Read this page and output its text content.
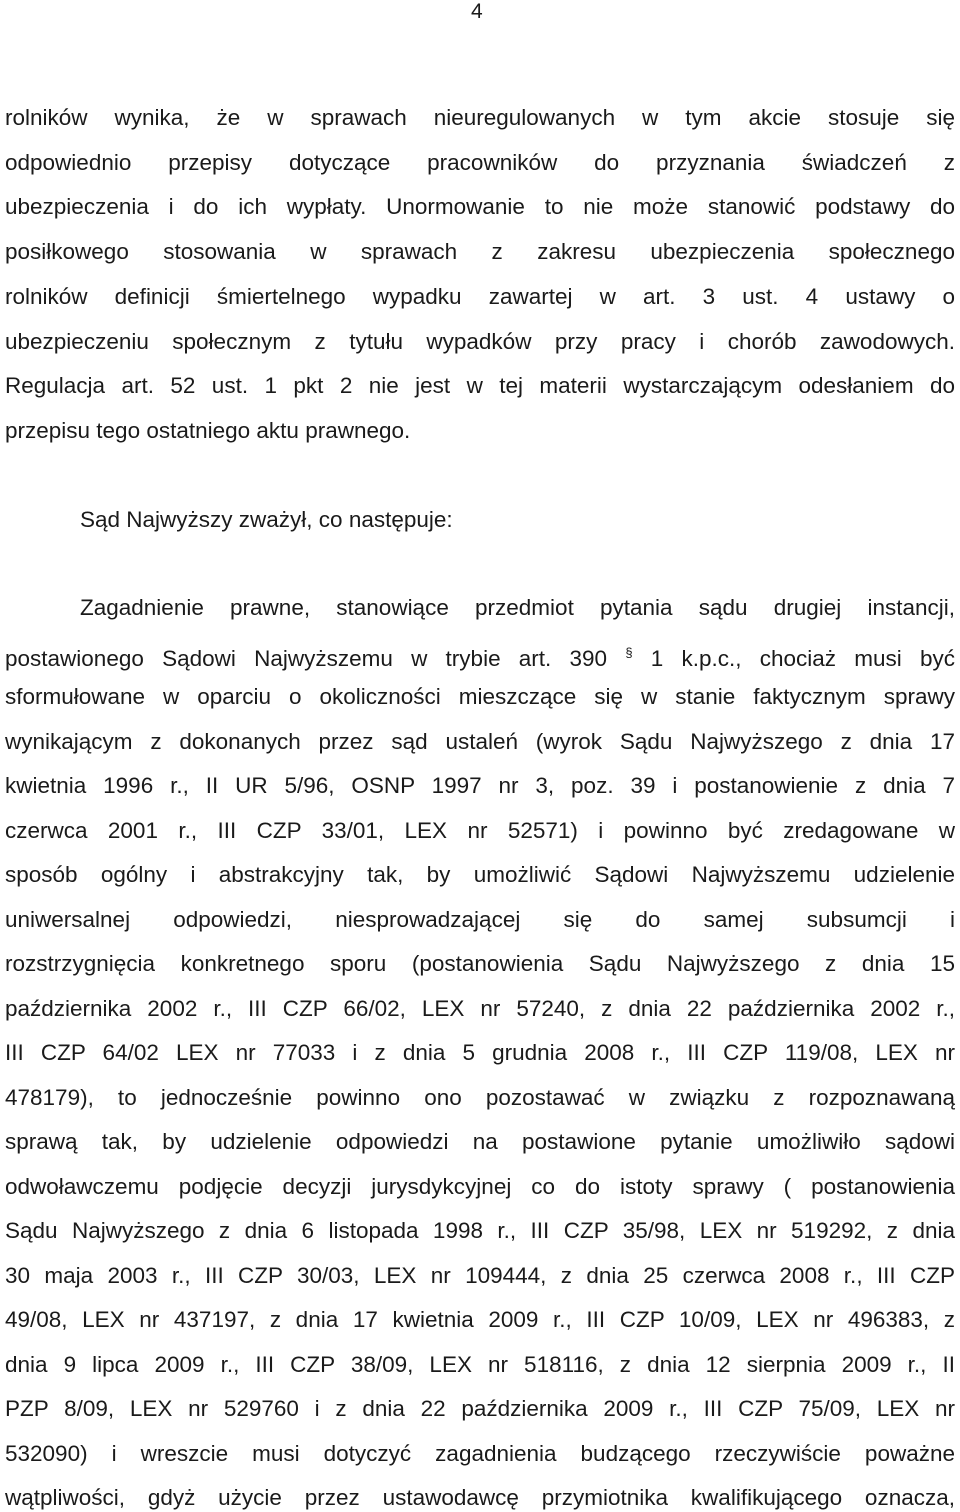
4
rolników wynika, że w sprawach nieuregulowanych w tym akcie stosuje się
odpowiednio przepisy dotyczące pracowników do przyznania świadczeń z
ubezpieczenia i do ich wypłaty. Unormowanie to nie może stanowić podstawy do
posiłkowego stosowania w sprawach z zakresu ubezpieczenia społecznego
rolników definicji śmiertelnego wypadku zawartej w art. 3 ust. 4 ustawy o
ubezpieczeniu społecznym z tytułu wypadków przy pracy i chorób zawodowych.
Regulacja art. 52 ust. 1 pkt 2 nie jest w tej materii wystarczającym odesłaniem do
przepisu tego ostatniego aktu prawnego.
Sąd Najwyższy zważył, co następuje:
Zagadnienie prawne, stanowiące przedmiot pytania sądu drugiej instancji,
postawionego Sądowi Najwyższemu w trybie art. 390 § 1 k.p.c., chociaż musi być
sformułowane w oparciu o okoliczności mieszczące się w stanie faktycznym sprawy
wynikającym z dokonanych przez sąd ustaleń (wyrok Sądu Najwyższego z dnia 17
kwietnia 1996 r., II UR 5/96, OSNP 1997 nr 3, poz. 39 i postanowienie z dnia 7
czerwca 2001 r., III CZP 33/01, LEX nr 52571) i powinno być zredagowane w
sposób ogólny i abstrakcyjny tak, by umożliwić Sądowi Najwyższemu udzielenie
uniwersalnej odpowiedzi, niesprowadzającej się do samej subsumcji i
rozstrzygnięcia konkretnego sporu (postanowienia Sądu Najwyższego z dnia 15
października 2002 r., III CZP 66/02, LEX nr 57240, z dnia 22 października 2002 r.,
III CZP 64/02 LEX nr 77033 i z dnia 5 grudnia 2008 r., III CZP 119/08, LEX nr
478179), to jednocześnie powinno ono pozostawać w związku z rozpoznawaną
sprawą tak, by udzielenie odpowiedzi na postawione pytanie umożliwiło sądowi
odwoławczemu podjęcie decyzji jurysdykcyjnej co do istoty sprawy ( postanowienia
Sądu Najwyższego z dnia 6 listopada 1998 r., III CZP 35/98, LEX nr 519292, z dnia
30 maja 2003 r., III CZP 30/03, LEX nr 109444, z dnia 25 czerwca 2008 r., III CZP
49/08, LEX nr 437197, z dnia 17 kwietnia 2009 r., III CZP 10/09, LEX nr 496383, z
dnia 9 lipca 2009 r., III CZP 38/09, LEX nr 518116, z dnia 12 sierpnia 2009 r., II
PZP 8/09, LEX nr 529760 i z dnia 22 października 2009 r., III CZP 75/09, LEX nr
532090) i wreszcie musi dotyczyć zagadnienia budzącego rzeczywiście poważne
wątpliwości, gdyż użycie przez ustawodawcę przymiotnika kwalifikującego oznacza,
